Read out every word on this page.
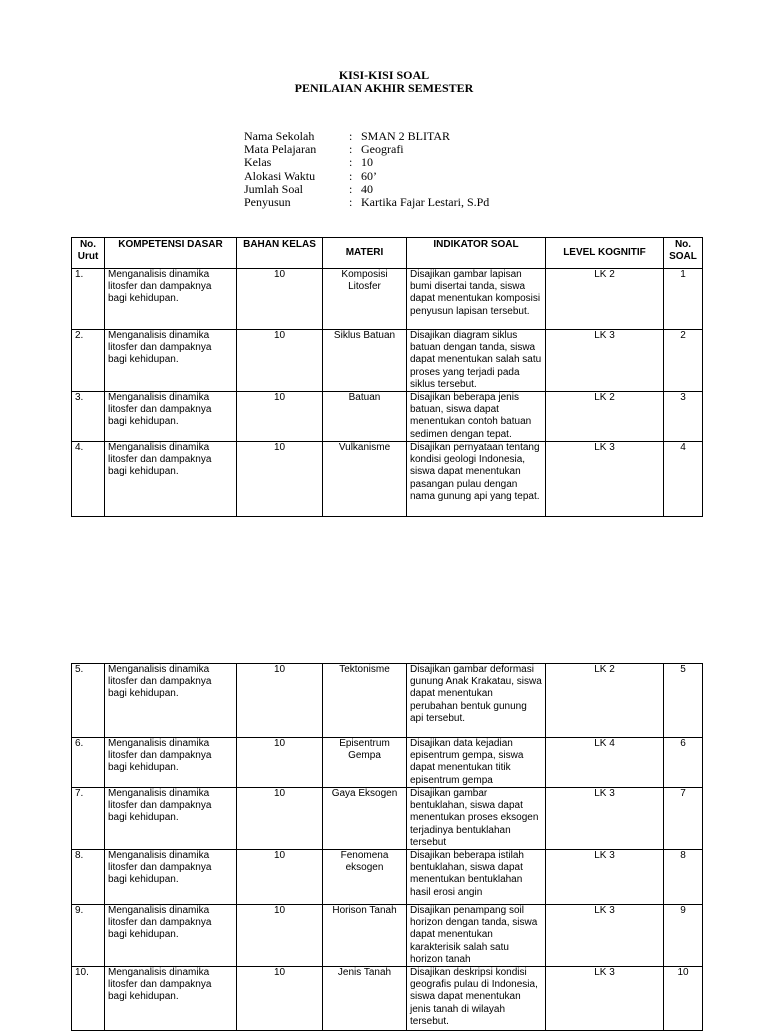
KISI-KISI SOAL
PENILAIAN AKHIR SEMESTER
Nama Sekolah	: SMAN 2 BLITAR
Mata Pelajaran	: Geografi
Kelas	: 10
Alokasi Waktu	: 60’
Jumlah Soal	: 40
Penyusun	: Kartika Fajar Lestari, S.Pd
No. Urut	KOMPETENSI DASAR	BAHAN KELAS	MATERI	INDIKATOR SOAL	LEVEL KOGNITIF	No. SOAL
1.	Menganalisis dinamika litosfer dan dampaknya bagi kehidupan.	10	Komposisi Litosfer	Disajikan gambar lapisan bumi disertai tanda, siswa dapat menentukan komposisi penyusun lapisan tersebut.	LK 2	1
2.	Menganalisis dinamika litosfer dan dampaknya bagi kehidupan.	10	Siklus Batuan	Disajikan diagram siklus batuan dengan tanda, siswa dapat menentukan salah satu proses yang terjadi pada siklus tersebut.	LK 3	2
3.	Menganalisis dinamika litosfer dan dampaknya bagi kehidupan.	10	Batuan	Disajikan beberapa jenis batuan, siswa dapat menentukan contoh batuan sedimen dengan tepat.	LK 2	3
4.	Menganalisis dinamika litosfer dan dampaknya bagi kehidupan.	10	Vulkanisme	Disajikan pernyataan tentang kondisi geologi Indonesia, siswa dapat menentukan pasangan pulau dengan nama gunung api yang tepat.	LK 3	4
5.	Menganalisis dinamika litosfer dan dampaknya bagi kehidupan.	10	Tektonisme	Disajikan gambar deformasi gunung Anak Krakatau, siswa dapat menentukan perubahan bentuk gunung api tersebut.	LK 2	5
6.	Menganalisis dinamika litosfer dan dampaknya bagi kehidupan.	10	Episentrum Gempa	Disajikan data kejadian episentrum gempa, siswa dapat menentukan titik episentrum gempa	LK 4	6
7.	Menganalisis dinamika litosfer dan dampaknya bagi kehidupan.	10	Gaya Eksogen	Disajikan gambar bentuklahan, siswa dapat menentukan proses eksogen terjadinya bentuklahan tersebut	LK 3	7
8.	Menganalisis dinamika litosfer dan dampaknya bagi kehidupan.	10	Fenomena eksogen	Disajikan beberapa istilah bentuklahan, siswa dapat menentukan bentuklahan hasil erosi angin	LK 3	8
9.	Menganalisis dinamika litosfer dan dampaknya bagi kehidupan.	10	Horison Tanah	Disajikan penampang soil horizon dengan tanda, siswa dapat menentukan karakterisik salah satu horizon tanah	LK 3	9
10.	Menganalisis dinamika litosfer dan dampaknya bagi kehidupan.	10	Jenis Tanah	Disajikan deskripsi kondisi geografis pulau di Indonesia, siswa dapat menentukan jenis tanah di wilayah tersebut.	LK 3	10
